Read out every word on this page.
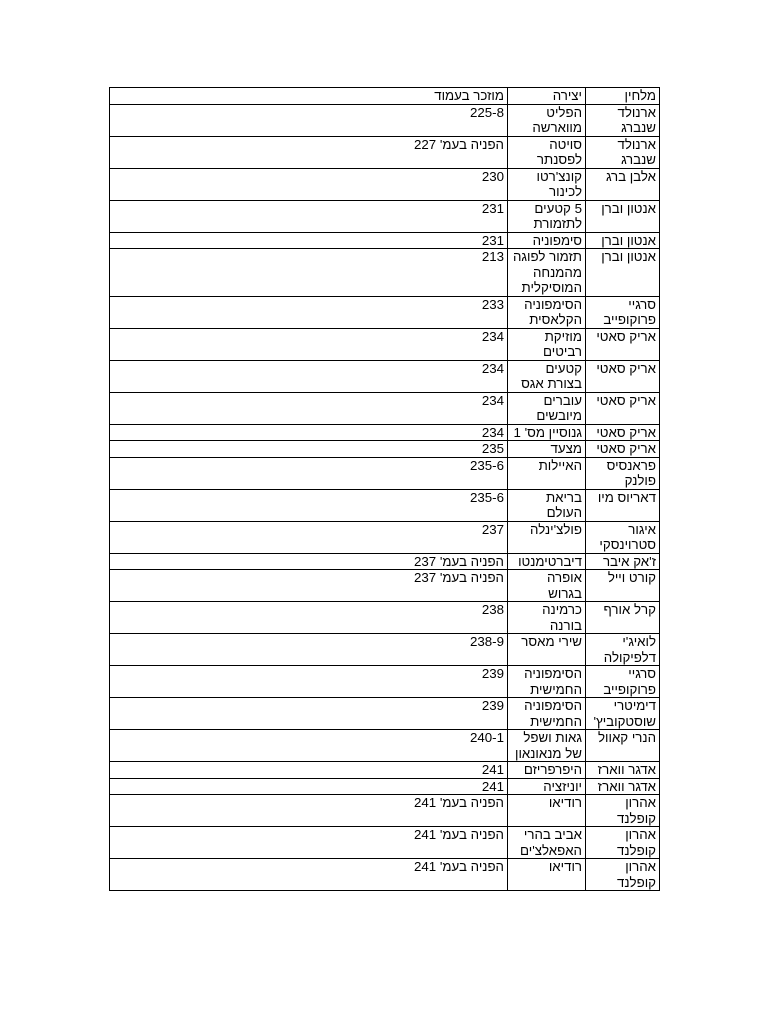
מלחין	יצירה	מוזכר בעמוד
ארנולד שנברג	הפליט מווארשה	225-8
ארנולד שנברג	סויטה לפסנתר	הפניה בעמ' 227
אלבן ברג	קונצ'רטו לכינור	230
אנטון וברן	5 קטעים לתזמורת	231
אנטון וברן	סימפוניה	231
אנטון וברן	תזמור לפוגה מהמנחה המוסיקלית	213
סרגיי פרוקופייב	הסימפוניה הקלאסית	233
אריק סאטי	מוזיקת רביטים	234
אריק סאטי	קטעים בצורת אגס	234
אריק סאטי	עוברים מיובשים	234
אריק סאטי	גנוסיין מס' 1	234
אריק סאטי	מצעד	235
פראנסיס פולנק	האיילות	235-6
דאריוס מיו	בריאת העולם	235-6
איגור סטרוינסקי	פולצ'ינלה	237
ז'אק איבר	דיברטימנטו	הפניה בעמ' 237
קורט וייל	אופרה בגרוש	הפניה בעמ' 237
קרל אורף	כרמינה בורנה	238
לואיג'י דלפיקולה	שירי מאסר	238-9
סרגיי פרוקופייב	הסימפוניה החמישית	239
דימיטרי שוסטקוביץ'	הסימפוניה החמישית	239
הנרי קאוול	גאות ושפל של מנאונאון	240-1
אדגר ווארז	היפרפריזם	241
אדגר ווארז	יוניזציה	241
אהרון קופלנד	רודיאו	הפניה בעמ' 241
אהרון קופלנד	אביב בהרי האפאלצ'ים	הפניה בעמ' 241
אהרון קופלנד	רודיאו	הפניה בעמ' 241
